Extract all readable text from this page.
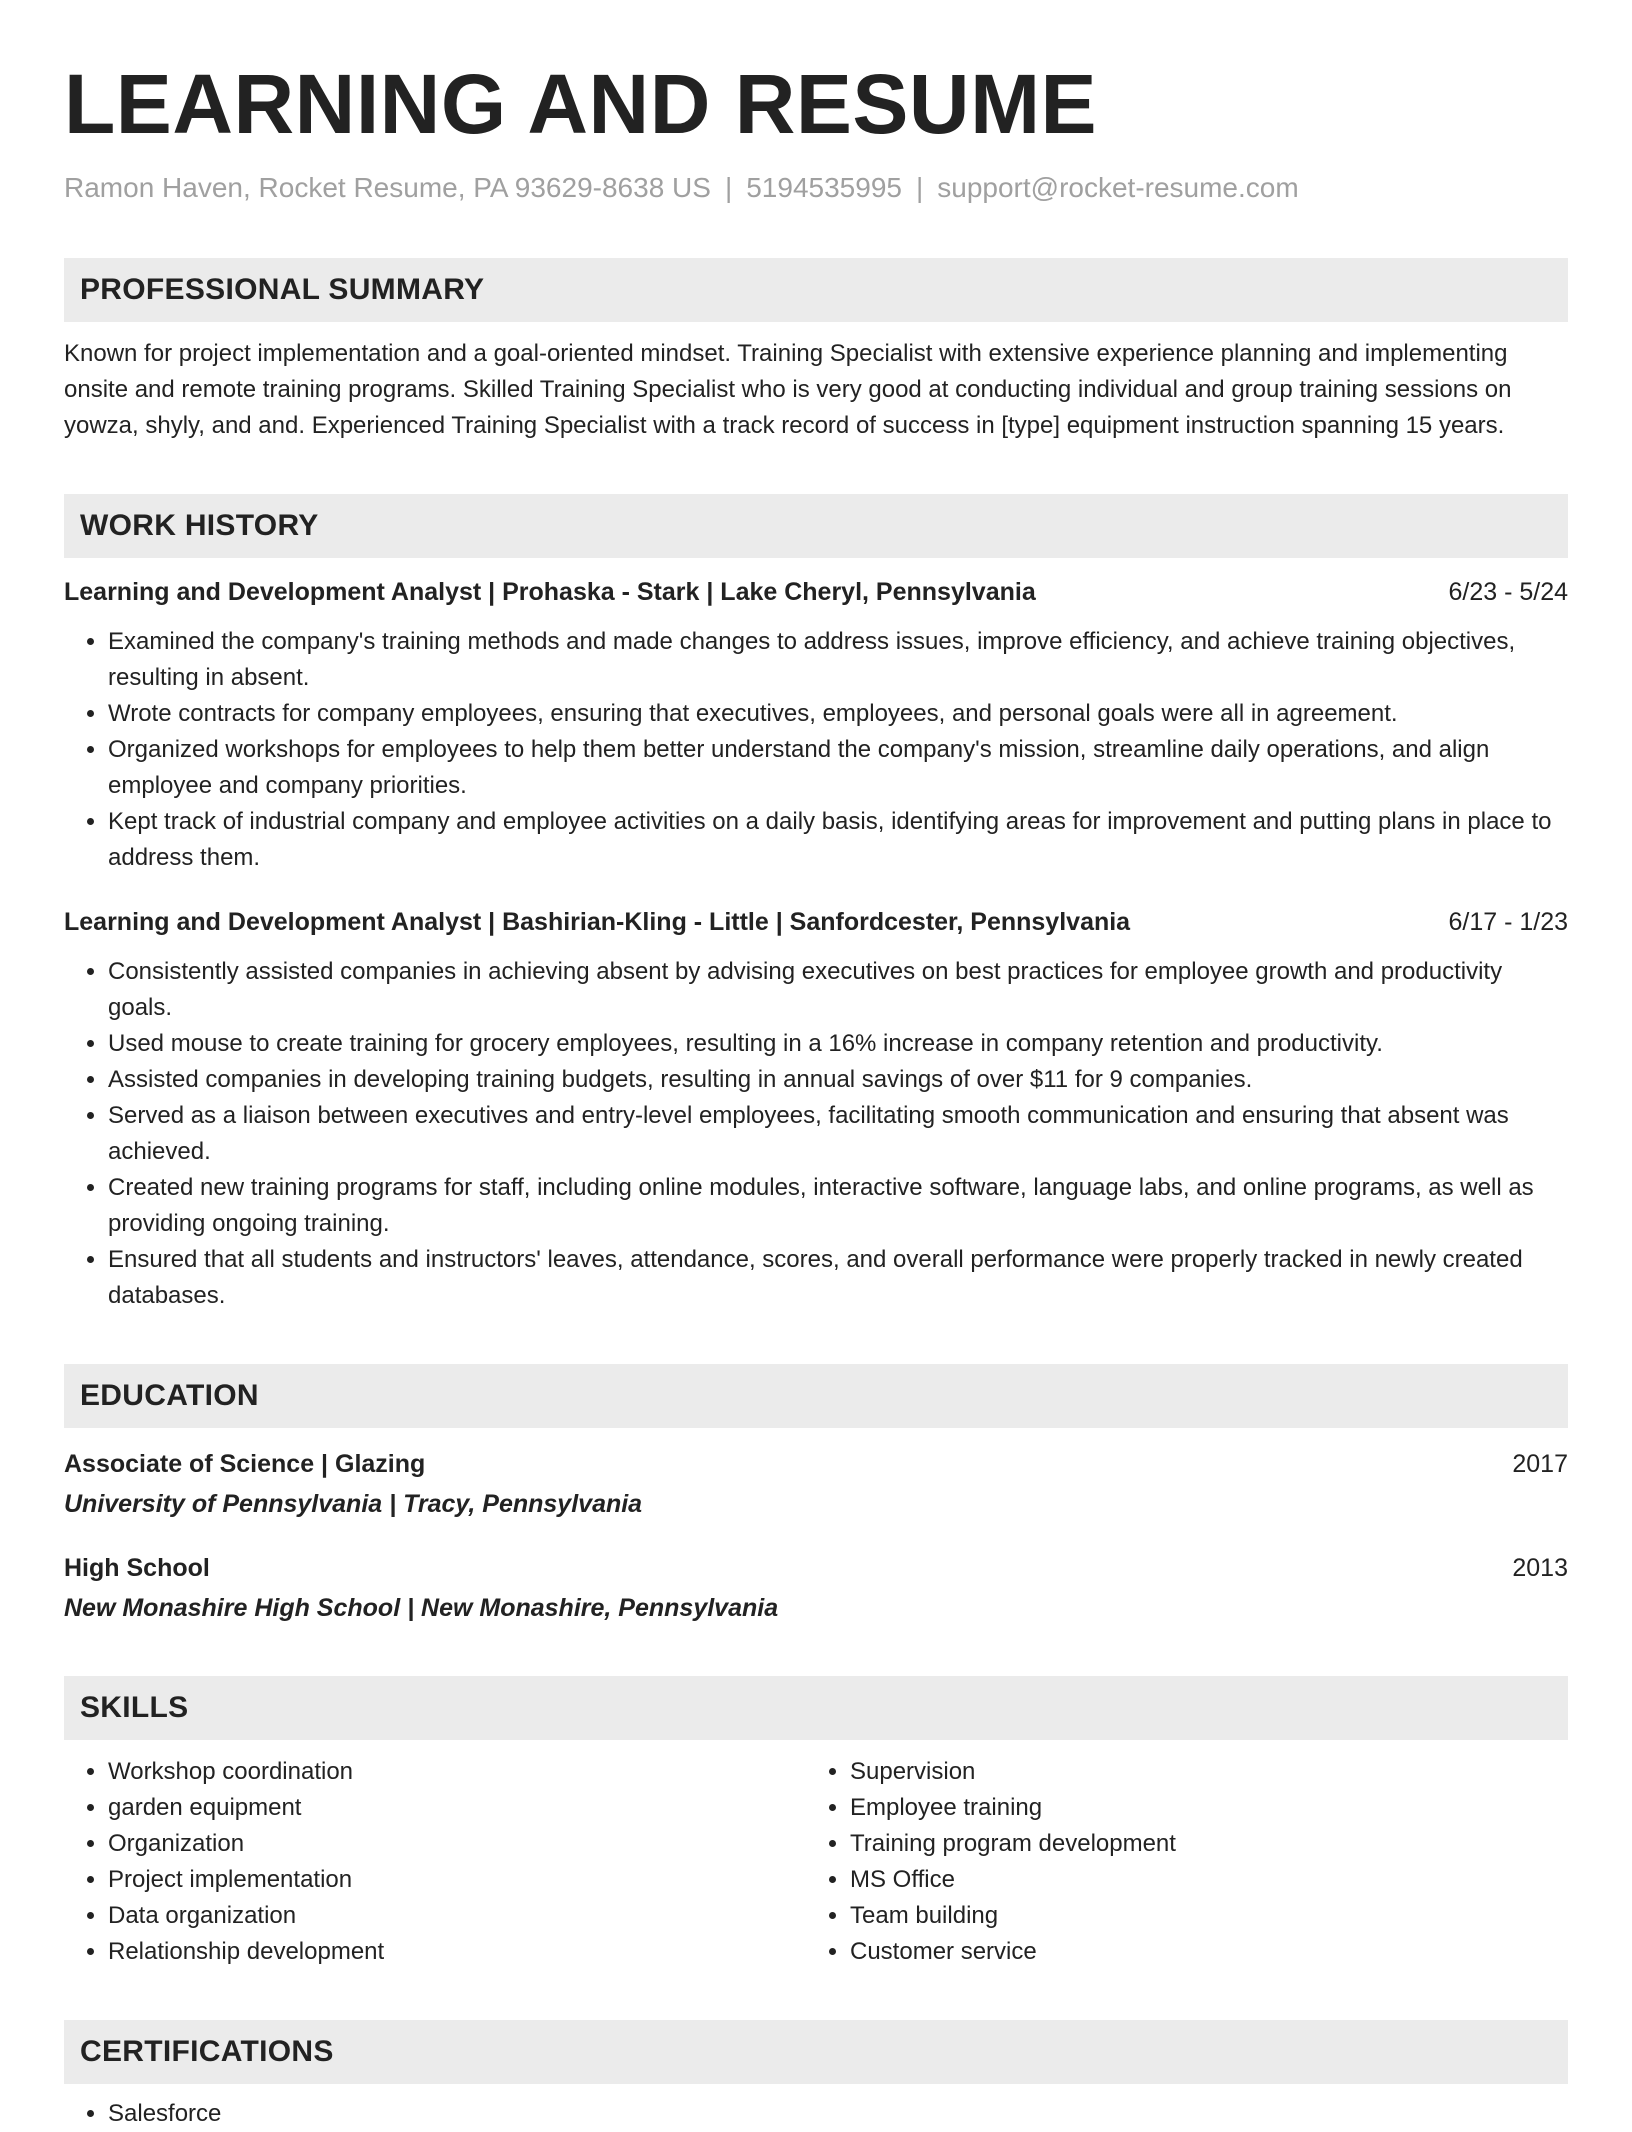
LEARNING AND RESUME
Ramon Haven, Rocket Resume, PA 93629-8638 US | 5194535995 | support@rocket-resume.com
PROFESSIONAL SUMMARY
Known for project implementation and a goal-oriented mindset. Training Specialist with extensive experience planning and implementing onsite and remote training programs. Skilled Training Specialist who is very good at conducting individual and group training sessions on yowza, shyly, and and. Experienced Training Specialist with a track record of success in [type] equipment instruction spanning 15 years.
WORK HISTORY
Learning and Development Analyst | Prohaska - Stark | Lake Cheryl, Pennsylvania	6/23 - 5/24
• Examined the company's training methods and made changes to address issues, improve efficiency, and achieve training objectives, resulting in absent.
• Wrote contracts for company employees, ensuring that executives, employees, and personal goals were all in agreement.
• Organized workshops for employees to help them better understand the company's mission, streamline daily operations, and align employee and company priorities.
• Kept track of industrial company and employee activities on a daily basis, identifying areas for improvement and putting plans in place to address them.
Learning and Development Analyst | Bashirian-Kling - Little | Sanfordcester, Pennsylvania	6/17 - 1/23
• Consistently assisted companies in achieving absent by advising executives on best practices for employee growth and productivity goals.
• Used mouse to create training for grocery employees, resulting in a 16% increase in company retention and productivity.
• Assisted companies in developing training budgets, resulting in annual savings of over $11 for 9 companies.
• Served as a liaison between executives and entry-level employees, facilitating smooth communication and ensuring that absent was achieved.
• Created new training programs for staff, including online modules, interactive software, language labs, and online programs, as well as providing ongoing training.
• Ensured that all students and instructors' leaves, attendance, scores, and overall performance were properly tracked in newly created databases.
EDUCATION
Associate of Science | Glazing	2017
University of Pennsylvania | Tracy, Pennsylvania
High School	2013
New Monashire High School | New Monashire, Pennsylvania
SKILLS
• Workshop coordination
• garden equipment
• Organization
• Project implementation
• Data organization
• Relationship development
• Supervision
• Employee training
• Training program development
• MS Office
• Team building
• Customer service
CERTIFICATIONS
• Salesforce
